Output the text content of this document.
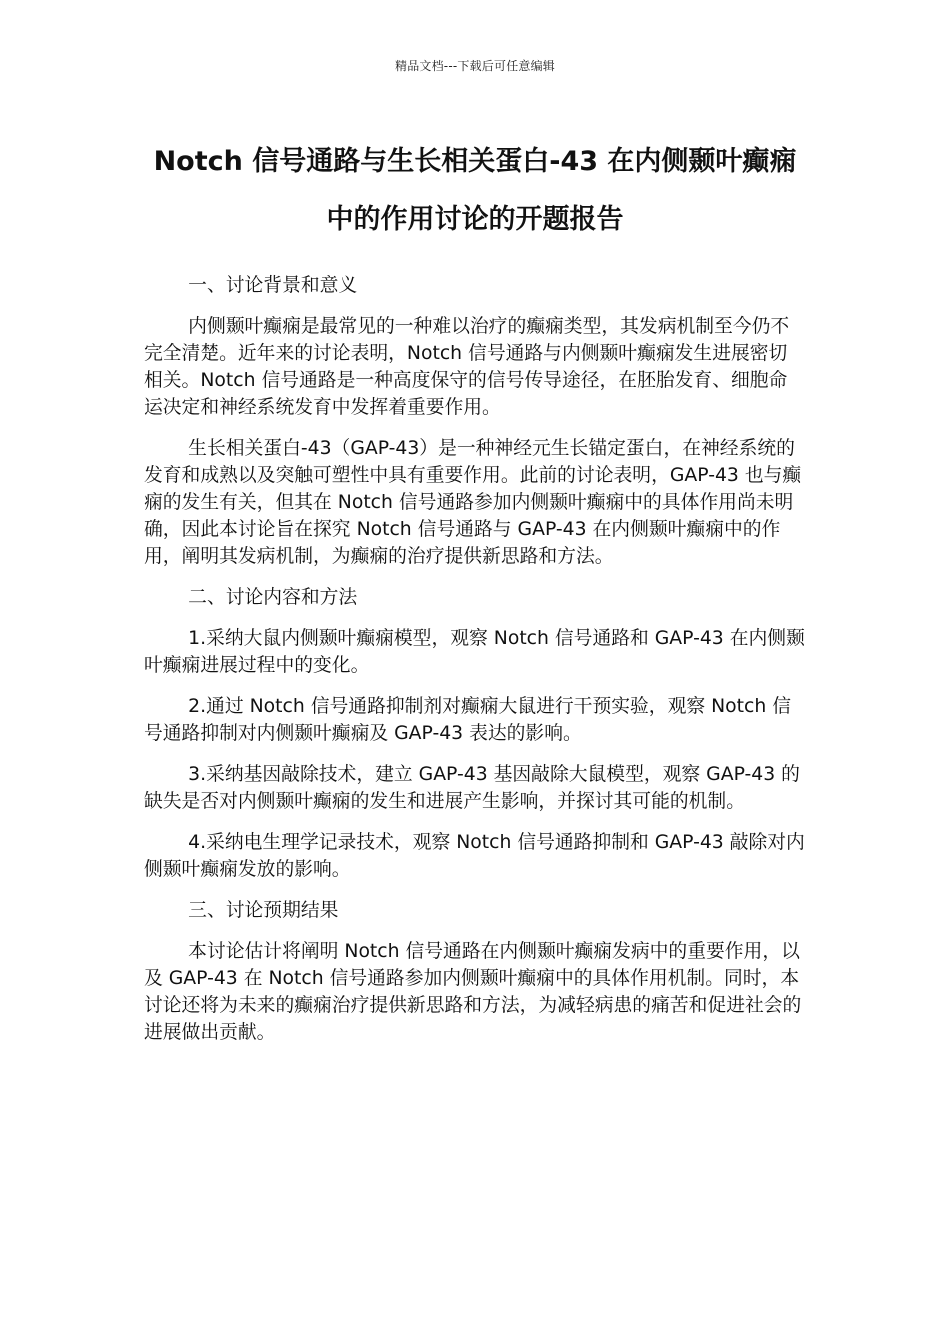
精品文档---下载后可任意编辑
Notch 信号通路与生长相关蛋白-43 在内侧颞叶癫痫
中的作用讨论的开题报告

一、讨论背景和意义

内侧颞叶癫痫是最常见的一种难以治疗的癫痫类型，其发病机制至今仍不完全清楚。近年来的讨论表明，Notch 信号通路与内侧颞叶癫痫发生进展密切相关。Notch 信号通路是一种高度保守的信号传导途径，在胚胎发育、细胞命运决定和神经系统发育中发挥着重要作用。

生长相关蛋白-43（GAP-43）是一种神经元生长锚定蛋白，在神经系统的发育和成熟以及突触可塑性中具有重要作用。此前的讨论表明，GAP-43 也与癫痫的发生有关，但其在 Notch 信号通路参加内侧颞叶癫痫中的具体作用尚未明确，因此本讨论旨在探究 Notch 信号通路与 GAP-43 在内侧颞叶癫痫中的作用，阐明其发病机制，为癫痫的治疗提供新思路和方法。

二、讨论内容和方法

1.采纳大鼠内侧颞叶癫痫模型，观察 Notch 信号通路和 GAP-43 在内侧颞叶癫痫进展过程中的变化。

2.通过 Notch 信号通路抑制剂对癫痫大鼠进行干预实验，观察 Notch 信号通路抑制对内侧颞叶癫痫及 GAP-43 表达的影响。

3.采纳基因敲除技术，建立 GAP-43 基因敲除大鼠模型，观察 GAP-43 的缺失是否对内侧颞叶癫痫的发生和进展产生影响，并探讨其可能的机制。

4.采纳电生理学记录技术，观察 Notch 信号通路抑制和 GAP-43 敲除对内侧颞叶癫痫发放的影响。

三、讨论预期结果

本讨论估计将阐明 Notch 信号通路在内侧颞叶癫痫发病中的重要作用，以及 GAP-43 在 Notch 信号通路参加内侧颞叶癫痫中的具体作用机制。同时，本讨论还将为未来的癫痫治疗提供新思路和方法，为减轻病患的痛苦和促进社会的进展做出贡献。
